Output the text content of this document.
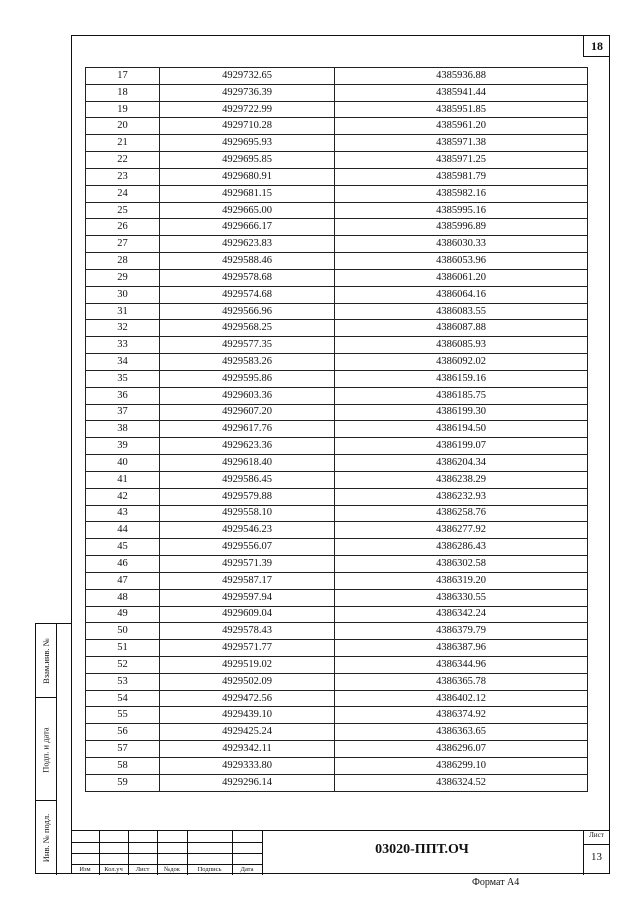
18
17	4929732.65	4385936.88
18	4929736.39	4385941.44
19	4929722.99	4385951.85
20	4929710.28	4385961.20
21	4929695.93	4385971.38
22	4929695.85	4385971.25
23	4929680.91	4385981.79
24	4929681.15	4385982.16
25	4929665.00	4385995.16
26	4929666.17	4385996.89
27	4929623.83	4386030.33
28	4929588.46	4386053.96
29	4929578.68	4386061.20
30	4929574.68	4386064.16
31	4929566.96	4386083.55
32	4929568.25	4386087.88
33	4929577.35	4386085.93
34	4929583.26	4386092.02
35	4929595.86	4386159.16
36	4929603.36	4386185.75
37	4929607.20	4386199.30
38	4929617.76	4386194.50
39	4929623.36	4386199.07
40	4929618.40	4386204.34
41	4929586.45	4386238.29
42	4929579.88	4386232.93
43	4929558.10	4386258.76
44	4929546.23	4386277.92
45	4929556.07	4386286.43
46	4929571.39	4386302.58
47	4929587.17	4386319.20
48	4929597.94	4386330.55
49	4929609.04	4386342.24
50	4929578.43	4386379.79
51	4929571.77	4386387.96
52	4929519.02	4386344.96
53	4929502.09	4386365.78
54	4929472.56	4386402.12
55	4929439.10	4386374.92
56	4929425.24	4386363.65
57	4929342.11	4386296.07
58	4929333.80	4386299.10
59	4929296.14	4386324.52
Взам.инв. №
Подп. и дата
Инв. № подл.
Изм	Кол.уч	Лист	№док	Подпись	Дата
03020-ППТ.ОЧ
Лист
13
Формат А4
